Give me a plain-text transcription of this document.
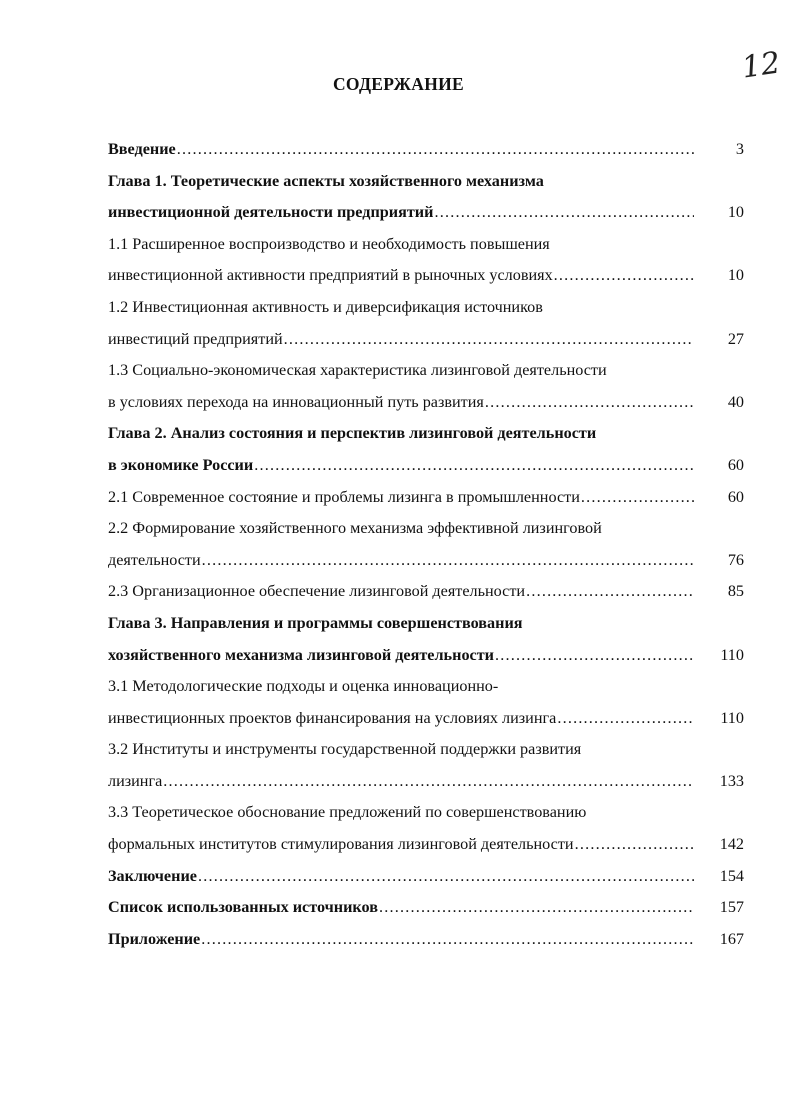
12
СОДЕРЖАНИЕ
Введение .....	3
Глава 1. Теоретические аспекты хозяйственного механизма
инвестиционной деятельности предприятий .....	10
1.1 Расширенное воспроизводство и необходимость повышения
инвестиционной активности предприятий в рыночных условиях .....	10
1.2 Инвестиционная активность и диверсификация источников
инвестиций предприятий .....	27
1.3 Социально-экономическая характеристика лизинговой деятельности
в условиях перехода на инновационный путь развития .....	40
Глава 2. Анализ состояния и перспектив лизинговой деятельности
в экономике России .....	60
2.1 Современное состояние и проблемы лизинга в промышленности .....	60
2.2 Формирование хозяйственного механизма эффективной лизинговой
деятельности .....	76
2.3 Организационное обеспечение лизинговой деятельности .....	85
Глава 3. Направления и программы совершенствования
хозяйственного механизма лизинговой деятельности .....	110
3.1 Методологические подходы и оценка инновационно-
инвестиционных проектов финансирования на условиях лизинга .....	110
3.2 Институты и инструменты государственной поддержки развития
лизинга .....	133
3.3 Теоретическое обоснование предложений по совершенствованию
формальных институтов стимулирования лизинговой деятельности .....	142
Заключение .....	154
Список использованных источников .....	157
Приложение .....	167
